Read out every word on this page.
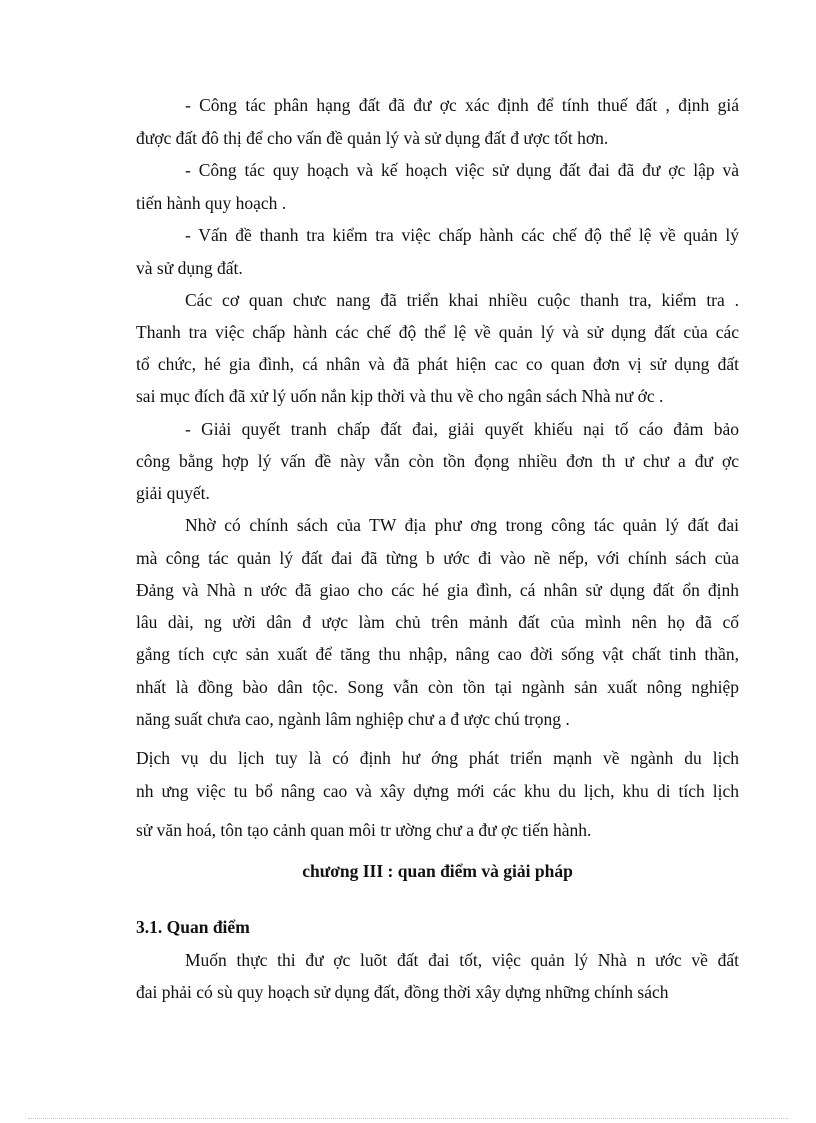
- Công tác phân hạng đất đã đư ợc xác định để tính thuế đất , định giá
được đất đô thị để cho vấn đề quản lý và sử dụng đất đ ược tốt hơn.
- Công tác quy hoạch và kế hoạch việc sử dụng đất đai đã đư ợc lập và
tiến hành quy hoạch .
- Vấn đề thanh tra kiểm tra việc chấp hành các chế độ thể lệ về quản lý
và sử dụng đất.
Các cơ quan chưc nang đã triển khai nhiều cuộc thanh tra, kiểm tra .
Thanh tra việc chấp hành các chế độ thể lệ về quản lý và sử dụng đất của các
tổ chức, hé gia đình, cá nhân và đã phát hiện cac co quan đơn vị sử dụng đất
sai mục đích đã xử lý uốn nắn kịp thời và thu về cho ngân sách Nhà nư ớc .
- Giải quyết tranh chấp đất đai, giải quyết khiếu nại tố cáo đảm bảo
công bằng hợp lý vấn đề này vẫn còn tồn đọng nhiều đơn th ư chư a đư ợc
giải quyết.
Nhờ có chính sách của TW địa phư ơng trong công tác quản lý đất đai
mà công tác quản lý đất đai đã từng b ước đi vào nề nếp, với chính sách của
Đảng và Nhà n ước đã giao cho các hé gia đình, cá nhân sử dụng đất ổn định
lâu dài, ng ười dân đ ược làm chủ trên mảnh đất của mình nên họ đã cố
gắng tích cực sản xuất để tăng thu nhập, nâng cao đời sống vật chất tinh thần,
nhất là đồng bào dân tộc. Song vẫn còn tồn tại ngành sản xuất nông nghiệp
năng suất chưa cao, ngành lâm nghiệp chư a đ ược chú trọng .
Dịch vụ du lịch tuy là có định hư ớng phát triển mạnh về ngành du lịch
nh ưng việc tu bổ nâng cao và xây dựng mới các khu du lịch, khu di tích lịch
sử văn hoá, tôn tạo cảnh quan môi tr ường chư a đư ợc tiến hành.
chương III : quan điểm và giải pháp
3.1. Quan điểm
Muốn thực thi đư ợc luõt đất đai tốt, việc quản lý Nhà n ước về đất
đai phải có sù quy hoạch sử dụng đất, đồng thời xây dựng những chính sách
